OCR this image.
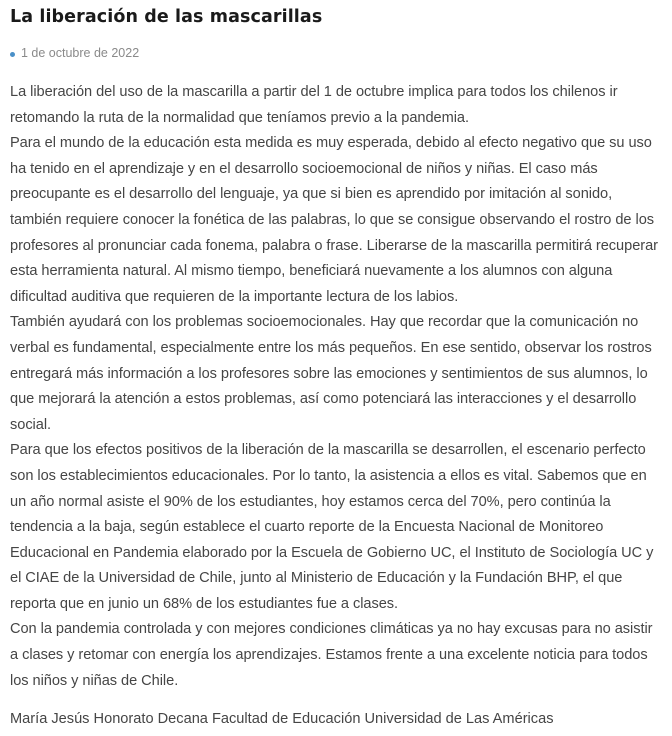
La liberación de las mascarillas
1 de octubre de 2022

La liberación del uso de la mascarilla a partir del 1 de octubre implica para todos los chilenos ir retomando la ruta de la normalidad que teníamos previo a la pandemia.

Para el mundo de la educación esta medida es muy esperada, debido al efecto negativo que su uso ha tenido en el aprendizaje y en el desarrollo socioemocional de niños y niñas. El caso más preocupante es el desarrollo del lenguaje, ya que si bien es aprendido por imitación al sonido, también requiere conocer la fonética de las palabras, lo que se consigue observando el rostro de los profesores al pronunciar cada fonema, palabra o frase. Liberarse de la mascarilla permitirá recuperar esta herramienta natural. Al mismo tiempo, beneficiará nuevamente a los alumnos con alguna dificultad auditiva que requieren de la importante lectura de los labios.

También ayudará con los problemas socioemocionales. Hay que recordar que la comunicación no verbal es fundamental, especialmente entre los más pequeños. En ese sentido, observar los rostros entregará más información a los profesores sobre las emociones y sentimientos de sus alumnos, lo que mejorará la atención a estos problemas, así como potenciará las interacciones y el desarrollo social.

Para que los efectos positivos de la liberación de la mascarilla se desarrollen, el escenario perfecto son los establecimientos educacionales. Por lo tanto, la asistencia a ellos es vital. Sabemos que en un año normal asiste el 90% de los estudiantes, hoy estamos cerca del 70%, pero continúa la tendencia a la baja, según establece el cuarto reporte de la Encuesta Nacional de Monitoreo Educacional en Pandemia elaborado por la Escuela de Gobierno UC, el Instituto de Sociología UC y el CIAE de la Universidad de Chile, junto al Ministerio de Educación y la Fundación BHP, el que reporta que en junio un 68% de los estudiantes fue a clases.

Con la pandemia controlada y con mejores condiciones climáticas ya no hay excusas para no asistir a clases y retomar con energía los aprendizajes. Estamos frente a una excelente noticia para todos los niños y niñas de Chile.

María Jesús Honorato Decana Facultad de Educación Universidad de Las Américas
